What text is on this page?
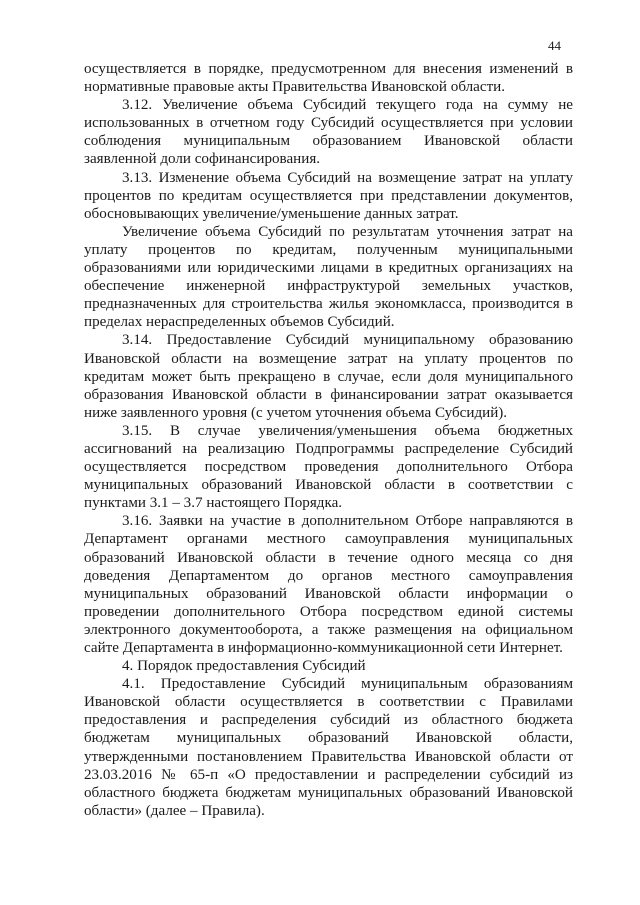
44

осуществляется в порядке, предусмотренном для внесения изменений в нормативные правовые акты Правительства Ивановской области.

3.12. Увеличение объема Субсидий текущего года на сумму не использованных в отчетном году Субсидий осуществляется при условии соблюдения муниципальным образованием Ивановской области заявленной доли софинансирования.

3.13. Изменение объема Субсидий на возмещение затрат на уплату процентов по кредитам осуществляется при представлении документов, обосновывающих увеличение/уменьшение данных затрат.

Увеличение объема Субсидий по результатам уточнения затрат на уплату процентов по кредитам, полученным муниципальными образованиями или юридическими лицами в кредитных организациях на обеспечение инженерной инфраструктурой земельных участков, предназначенных для строительства жилья экономкласса, производится в пределах нераспределенных объемов Субсидий.

3.14. Предоставление Субсидий муниципальному образованию Ивановской области на возмещение затрат на уплату процентов по кредитам может быть прекращено в случае, если доля муниципального образования Ивановской области в финансировании затрат оказывается ниже заявленного уровня (с учетом уточнения объема Субсидий).

3.15. В случае увеличения/уменьшения объема бюджетных ассигнований на реализацию Подпрограммы распределение Субсидий осуществляется посредством проведения дополнительного Отбора муниципальных образований Ивановской области в соответствии с пунктами 3.1 – 3.7 настоящего Порядка.

3.16. Заявки на участие в дополнительном Отборе направляются в Департамент органами местного самоуправления муниципальных образований Ивановской области в течение одного месяца со дня доведения Департаментом до органов местного самоуправления муниципальных образований Ивановской области информации о проведении дополнительного Отбора посредством единой системы электронного документооборота, а также размещения на официальном сайте Департамента в информационно-коммуникационной сети Интернет.

4. Порядок предоставления Субсидий

4.1. Предоставление Субсидий муниципальным образованиям Ивановской области осуществляется в соответствии с Правилами предоставления и распределения субсидий из областного бюджета бюджетам муниципальных образований Ивановской области, утвержденными постановлением Правительства Ивановской области от 23.03.2016 № 65-п «О предоставлении и распределении субсидий из областного бюджета бюджетам муниципальных образований Ивановской области» (далее – Правила).
